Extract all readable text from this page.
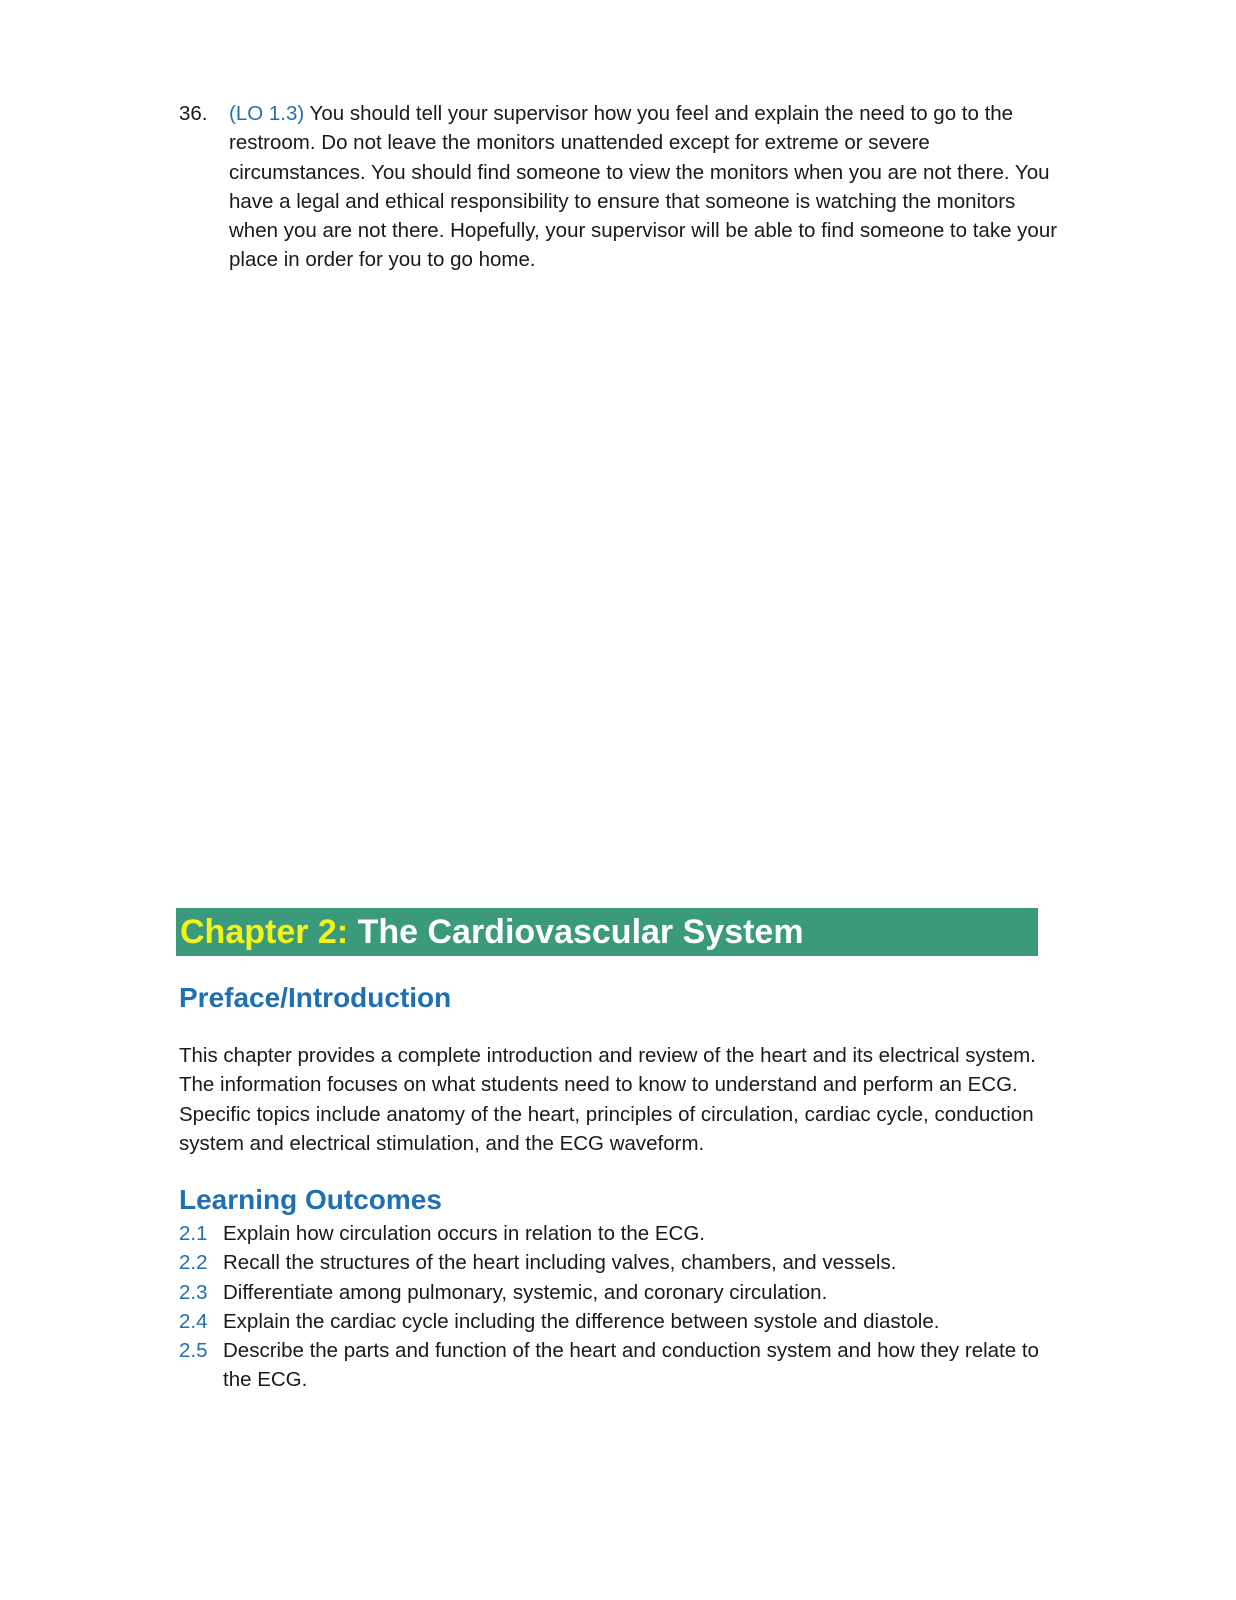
36. (LO 1.3) You should tell your supervisor how you feel and explain the need to go to the restroom. Do not leave the monitors unattended except for extreme or severe circumstances. You should find someone to view the monitors when you are not there. You have a legal and ethical responsibility to ensure that someone is watching the monitors when you are not there. Hopefully, your supervisor will be able to find someone to take your place in order for you to go home.
Chapter 2: The Cardiovascular System
Preface/Introduction
This chapter provides a complete introduction and review of the heart and its electrical system. The information focuses on what students need to know to understand and perform an ECG. Specific topics include anatomy of the heart, principles of circulation, cardiac cycle, conduction system and electrical stimulation, and the ECG waveform.
Learning Outcomes
2.1 Explain how circulation occurs in relation to the ECG.
2.2 Recall the structures of the heart including valves, chambers, and vessels.
2.3 Differentiate among pulmonary, systemic, and coronary circulation.
2.4 Explain the cardiac cycle including the difference between systole and diastole.
2.5 Describe the parts and function of the heart and conduction system and how they relate to the ECG.
